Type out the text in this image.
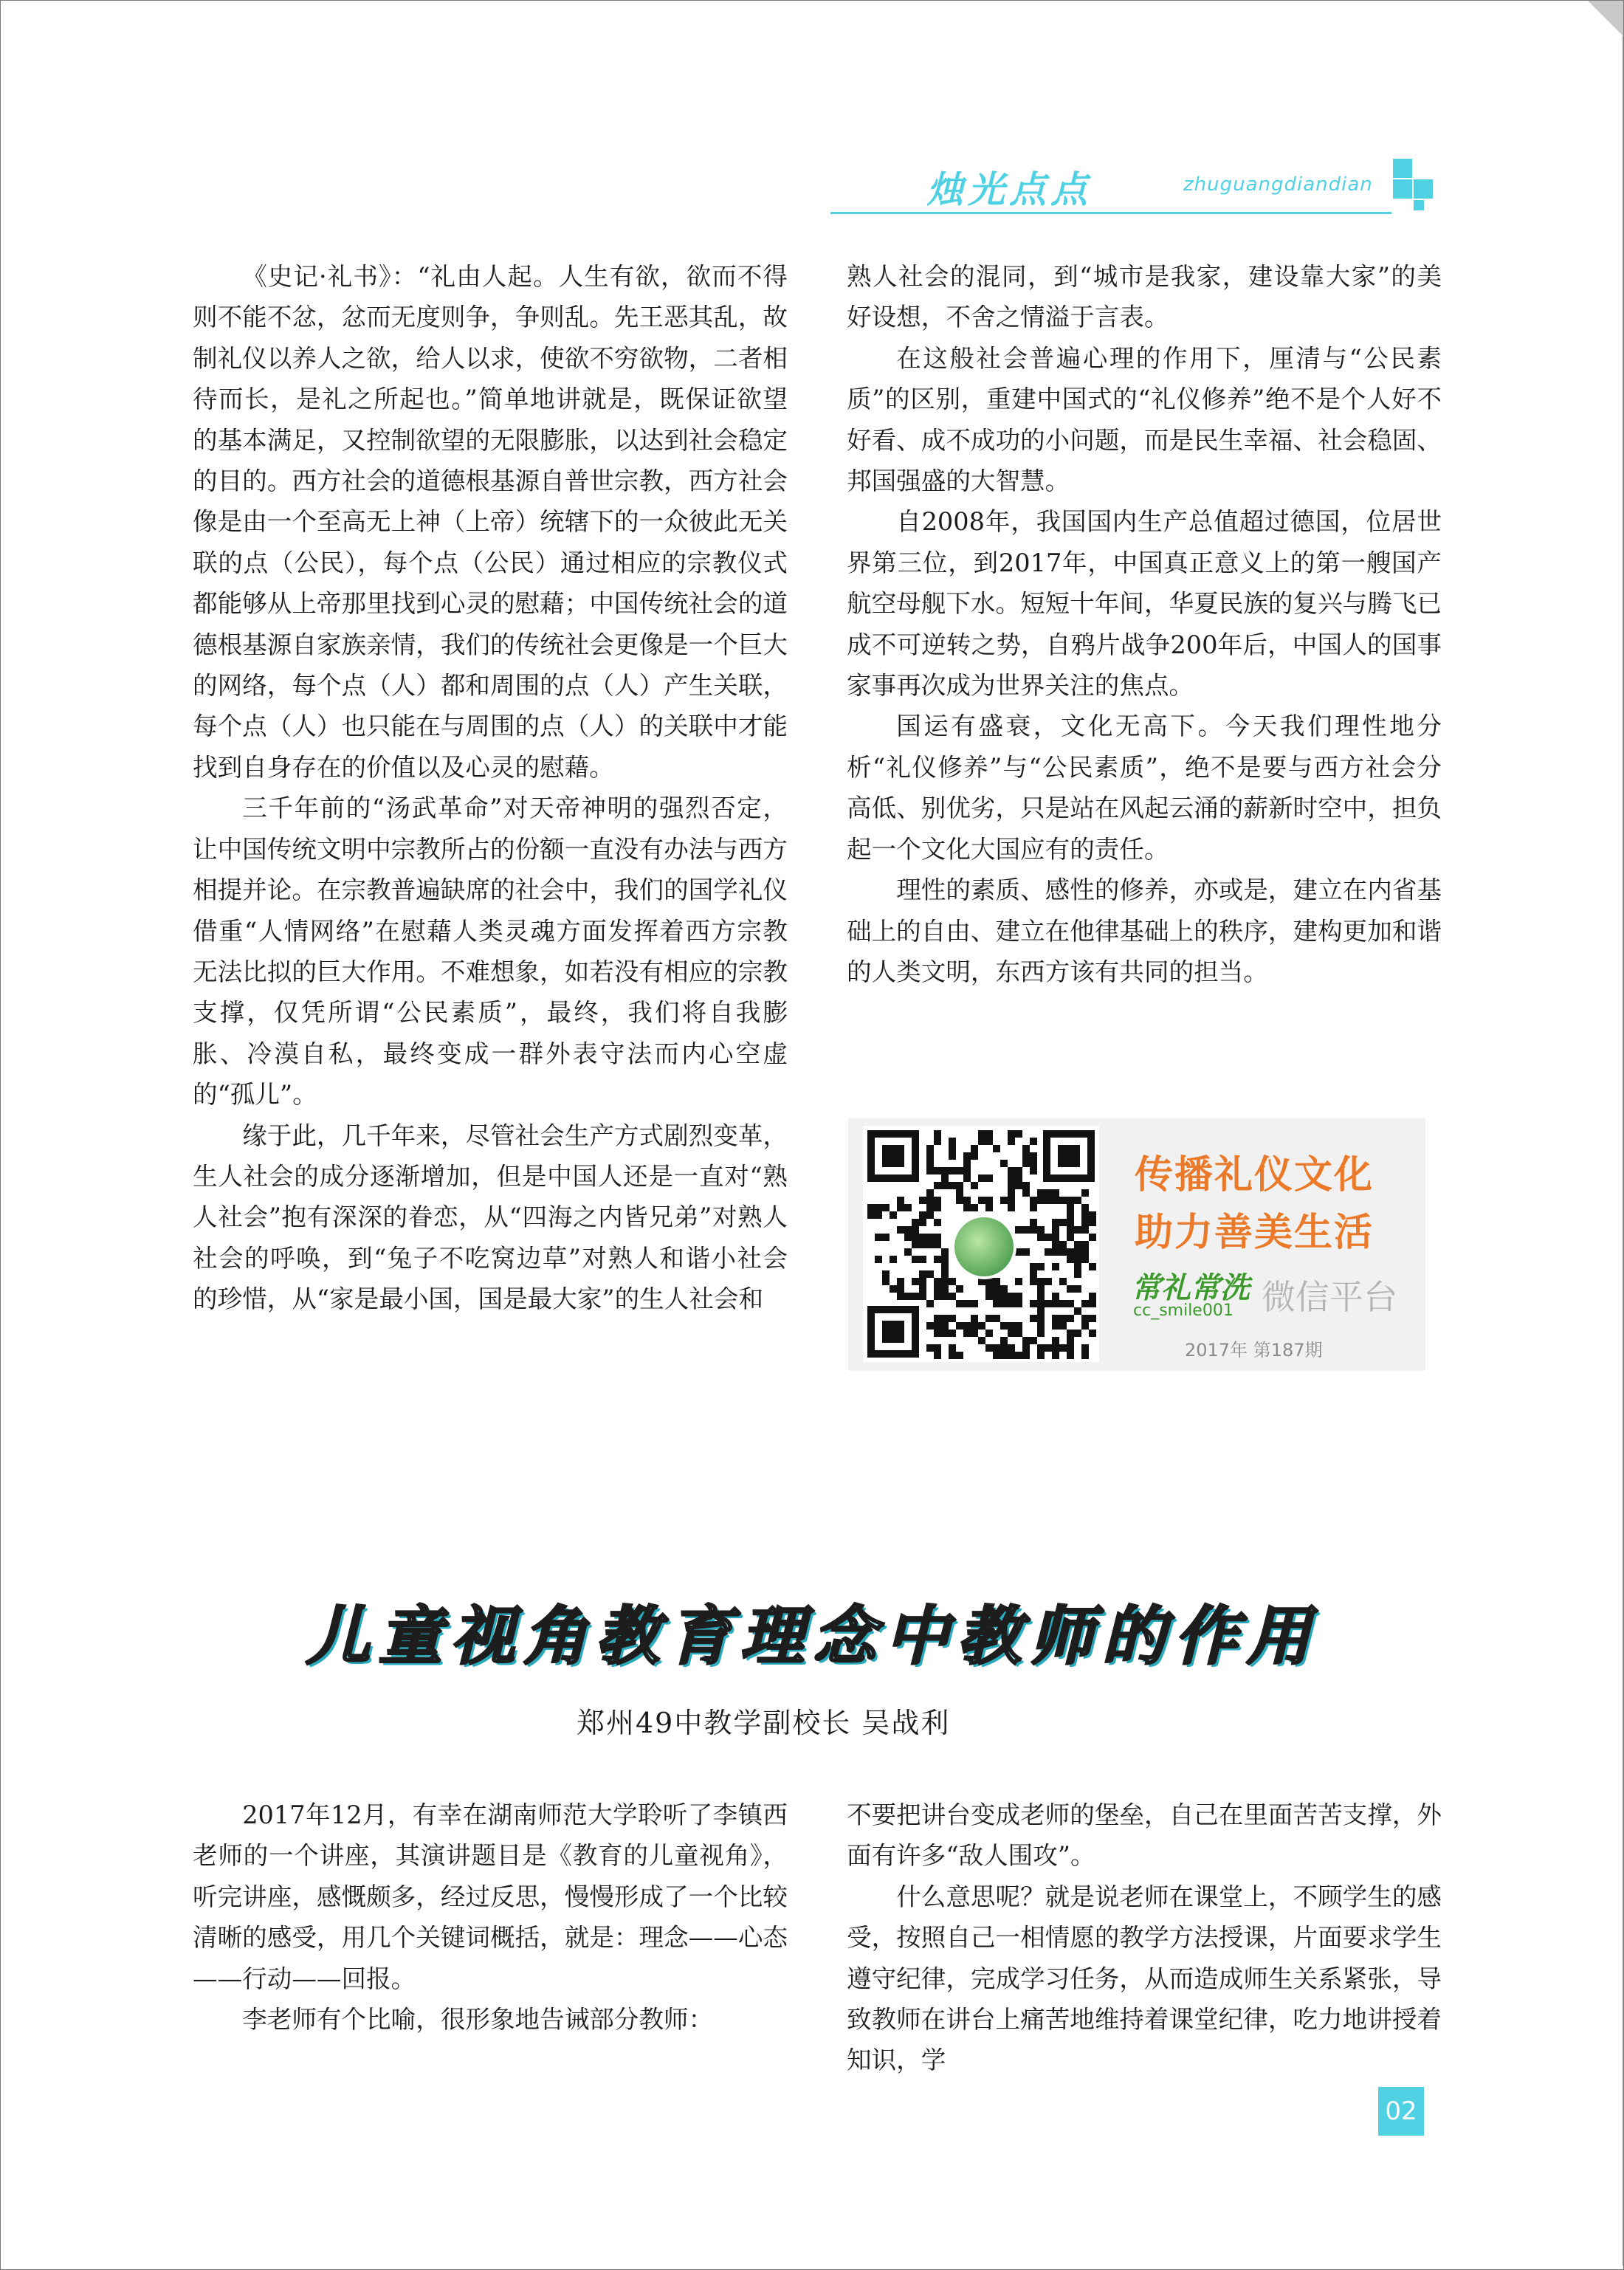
烛光点点	zhuguangdiandian

《史记·礼书》：“礼由人起。人生有欲，欲而不得则不能不忿，忿而无度则争，争则乱。先王恶其乱，故制礼仪以养人之欲，给人以求，使欲不穷欲物，二者相待而长，是礼之所起也。”简单地讲就是，既保证欲望的基本满足，又控制欲望的无限膨胀，以达到社会稳定的目的。西方社会的道德根基源自普世宗教，西方社会像是由一个至高无上神（上帝）统辖下的一众彼此无关联的点（公民），每个点（公民）通过相应的宗教仪式都能够从上帝那里找到心灵的慰藉；中国传统社会的道德根基源自家族亲情，我们的传统社会更像是一个巨大的网络，每个点（人）都和周围的点（人）产生关联，每个点（人）也只能在与周围的点（人）的关联中才能找到自身存在的价值以及心灵的慰藉。

三千年前的“汤武革命”对天帝神明的强烈否定，让中国传统文明中宗教所占的份额一直没有办法与西方相提并论。在宗教普遍缺席的社会中，我们的国学礼仪借重“人情网络”在慰藉人类灵魂方面发挥着西方宗教无法比拟的巨大作用。不难想象，如若没有相应的宗教支撑，仅凭所谓“公民素质”，最终，我们将自我膨胀、冷漠自私，最终变成一群外表守法而内心空虚的“孤儿”。

缘于此，几千年来，尽管社会生产方式剧烈变革，生人社会的成分逐渐增加，但是中国人还是一直对“熟人社会”抱有深深的眷恋，从“四海之内皆兄弟”对熟人社会的呼唤，到“兔子不吃窝边草”对熟人和谐小社会的珍惜，从“家是最小国，国是最大家”的生人社会和

熟人社会的混同，到“城市是我家，建设靠大家”的美好设想，不舍之情溢于言表。

在这般社会普遍心理的作用下，厘清与“公民素质”的区别，重建中国式的“礼仪修养”绝不是个人好不好看、成不成功的小问题，而是民生幸福、社会稳固、邦国强盛的大智慧。

自2008年，我国国内生产总值超过德国，位居世界第三位，到2017年，中国真正意义上的第一艘国产航空母舰下水。短短十年间，华夏民族的复兴与腾飞已成不可逆转之势，自鸦片战争200年后，中国人的国事家事再次成为世界关注的焦点。

国运有盛衰，文化无高下。今天我们理性地分析“礼仪修养”与“公民素质”，绝不是要与西方社会分高低、别优劣，只是站在风起云涌的薪新时空中，担负起一个文化大国应有的责任。

理性的素质、感性的修养，亦或是，建立在内省基础上的自由、建立在他律基础上的秩序，建构更加和谐的人类文明，东西方该有共同的担当。

传播礼仪文化
助力善美生活
常礼常洗
cc_smile001 微信平台
2017年 第187期
儿童视角教育理念中教师的作用
郑州49中教学副校长 吴战利

2017年12月，有幸在湖南师范大学聆听了李镇西老师的一个讲座，其演讲题目是《教育的儿童视角》，听完讲座，感慨颇多，经过反思，慢慢形成了一个比较清晰的感受，用几个关键词概括，就是：理念——心态——行动——回报。

李老师有个比喻，很形象地告诫部分教师：

不要把讲台变成老师的堡垒，自己在里面苦苦支撑，外面有许多“敌人围攻”。

什么意思呢？就是说老师在课堂上，不顾学生的感受，按照自己一相情愿的教学方法授课，片面要求学生遵守纪律，完成学习任务，从而造成师生关系紧张，导致教师在讲台上痛苦地维持着课堂纪律，吃力地讲授着知识，学

02
